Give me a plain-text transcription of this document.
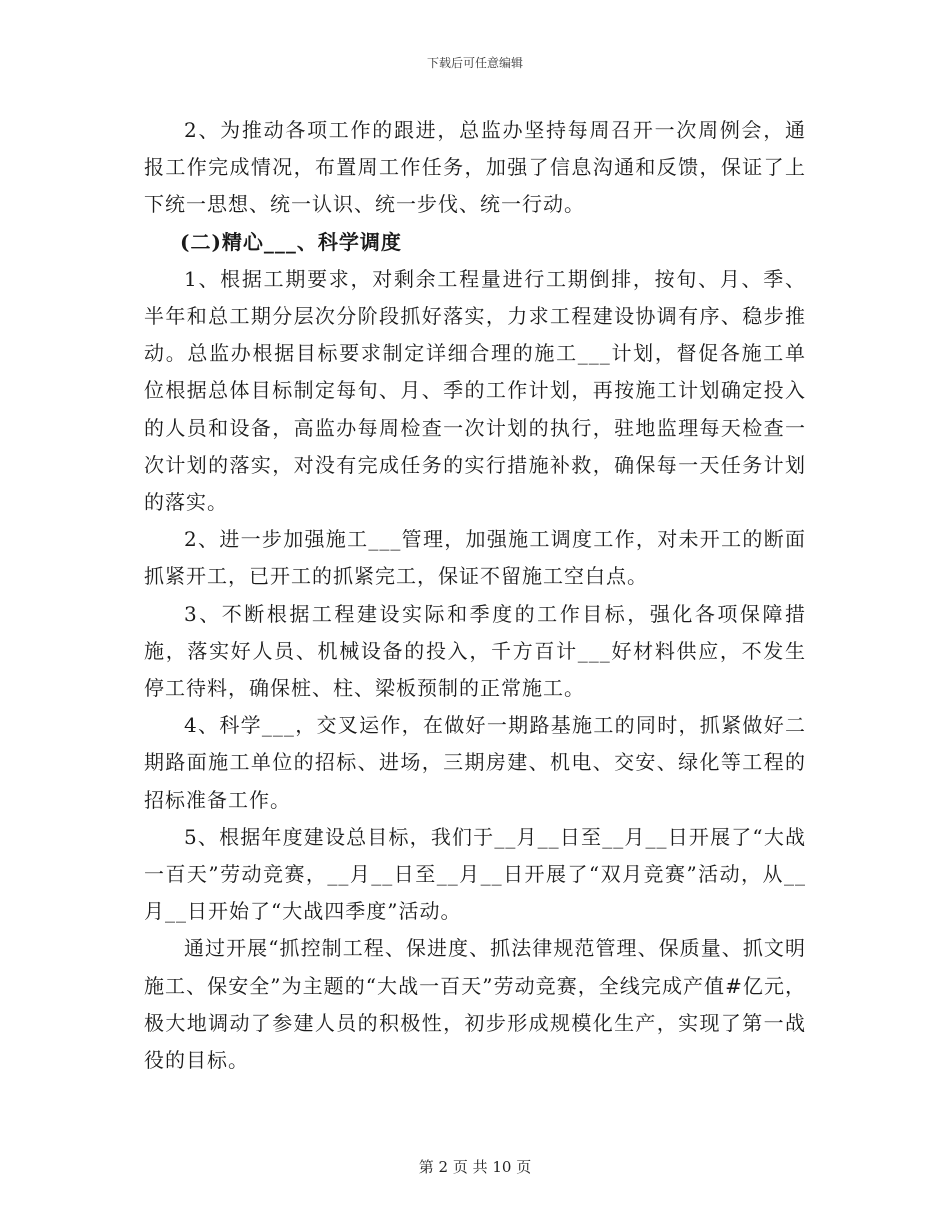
下载后可任意编辑

2、为推动各项工作的跟进，总监办坚持每周召开一次周例会，通报工作完成情况，布置周工作任务，加强了信息沟通和反馈，保证了上下统一思想、统一认识、统一步伐、统一行动。

(二)精心___、科学调度

1、根据工期要求，对剩余工程量进行工期倒排，按旬、月、季、半年和总工期分层次分阶段抓好落实，力求工程建设协调有序、稳步推动。总监办根据目标要求制定详细合理的施工___计划，督促各施工单位根据总体目标制定每旬、月、季的工作计划，再按施工计划确定投入的人员和设备，高监办每周检查一次计划的执行，驻地监理每天检查一次计划的落实，对没有完成任务的实行措施补救，确保每一天任务计划的落实。

2、进一步加强施工___管理，加强施工调度工作，对未开工的断面抓紧开工，已开工的抓紧完工，保证不留施工空白点。

3、不断根据工程建设实际和季度的工作目标，强化各项保障措施，落实好人员、机械设备的投入，千方百计___好材料供应，不发生停工待料，确保桩、柱、梁板预制的正常施工。

4、科学___，交叉运作，在做好一期路基施工的同时，抓紧做好二期路面施工单位的招标、进场，三期房建、机电、交安、绿化等工程的招标准备工作。

5、根据年度建设总目标，我们于__月__日至__月__日开展了“大战一百天”劳动竞赛，__月__日至__月__日开展了“双月竞赛”活动，从__月__日开始了“大战四季度”活动。

通过开展“抓控制工程、保进度、抓法律规范管理、保质量、抓文明施工、保安全”为主题的“大战一百天”劳动竞赛，全线完成产值#亿元，极大地调动了参建人员的积极性，初步形成规模化生产，实现了第一战役的目标。

第 2 页 共 10 页
